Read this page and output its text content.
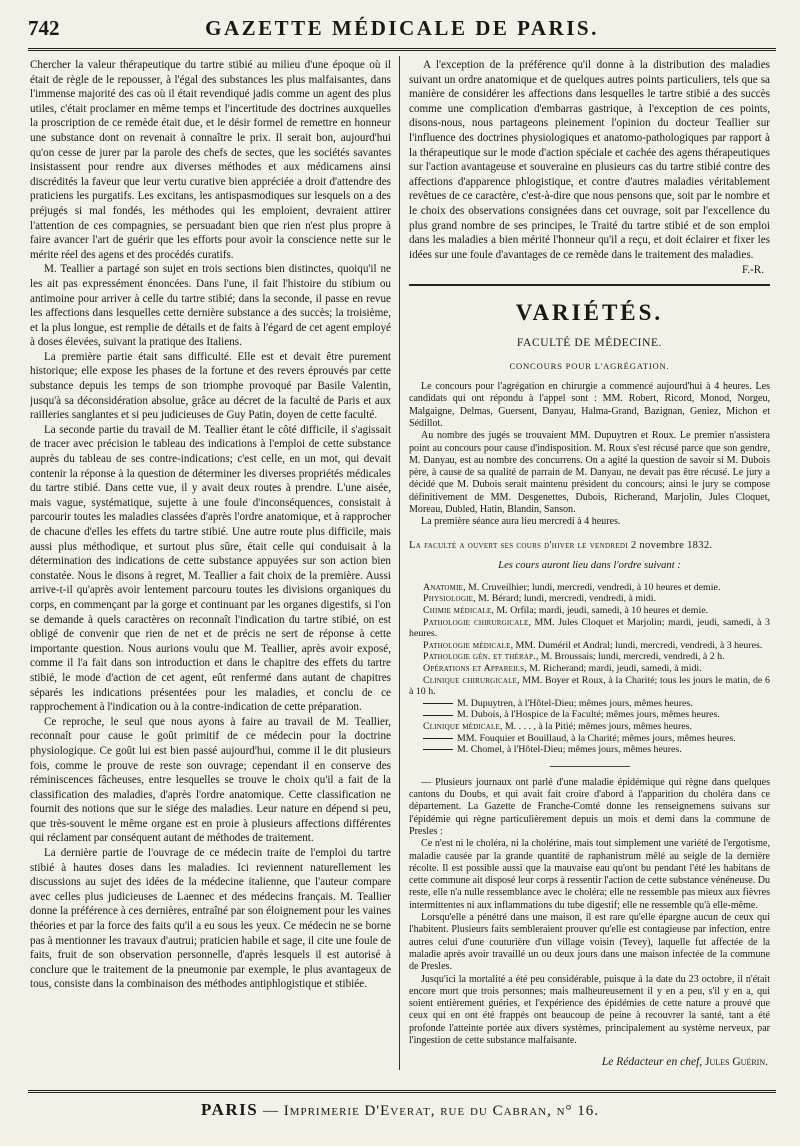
742	GAZETTE MÉDICALE DE PARIS.

Chercher la valeur thérapeutique du tartre stibié au milieu d'une époque où il était de règle de le repousser, à l'égal des substances les plus malfaisantes, dans l'immense majorité des cas où il était revendiqué jadis comme un agent des plus utiles, c'était proclamer en même temps et l'incertitude des doctrines auxquelles la proscription de ce remède était due, et le désir formel de remettre en honneur une substance dont on revenait à connaître le prix. Il serait bon, aujourd'hui qu'on cesse de jurer par la parole des chefs de sectes, que les sociétés savantes insistassent pour rendre aux diverses méthodes et aux médicamens ainsi discrédités la faveur que leur vertu curative bien appréciée a droit d'attendre des praticiens les purgatifs. Les excitans, les antispasmodiques sur lesquels on a des préjugés si mal fondés, les méthodes qui les emploient, devraient attirer l'attention de ces compagnies, se persuadant bien que rien n'est plus propre à faire avancer l'art de guérir que les efforts pour avoir la conscience nette sur le mérite réel des agens et des procédés curatifs.

M. Teallier a partagé son sujet en trois sections bien distinctes, quoiqu'il ne les ait pas expressément énoncées. Dans l'une, il fait l'histoire du stibium ou antimoine pour arriver à celle du tartre stibié; dans la seconde, il passe en revue les affections dans lesquelles cette dernière substance a des succès; la troisième, et la plus longue, est remplie de détails et de faits à l'égard de cet agent employé à doses élevées, suivant la pratique des Italiens.

La première partie était sans difficulté. Elle est et devait être purement historique; elle expose les phases de la fortune et des revers éprouvés par cette substance depuis les temps de son triomphe provoqué par Basile Valentin, jusqu'à sa déconsidération absolue, grâce au décret de la faculté de Paris et aux railleries sanglantes et si peu judicieuses de Guy Patin, doyen de cette faculté.

La seconde partie du travail de M. Teallier étant le côté difficile, il s'agissait de tracer avec précision le tableau des indications à l'emploi de cette substance auprès du tableau de ses contre-indications; c'est celle, en un mot, qui devait contenir la réponse à la question de déterminer les diverses propriétés médicales du tartre stibié. Dans cette vue, il y avait deux routes à prendre. L'une aisée, mais vague, systématique, sujette à une foule d'inconséquences, consistait à parcourir toutes les maladies classées d'après l'ordre anatomique, et à rapprocher de chacune d'elles les effets du tartre stibié. Une autre route plus difficile, mais aussi plus méthodique, et surtout plus sûre, était celle qui conduisait à la détermination des indications de cette substance appuyées sur son action bien constatée. Nous le disons à regret, M. Teallier a fait choix de la première. Aussi arrive-t-il qu'après avoir lentement parcouru toutes les divisions organiques du corps, en commençant par la gorge et continuant par les organes digestifs, si l'on se demande à quels caractères on reconnaît l'indication du tartre stibié, on est obligé de convenir que rien de net et de précis ne sert de réponse à cette importante question. Nous aurions voulu que M. Teallier, après avoir exposé, comme il l'a fait dans son introduction et dans le chapitre des effets du tartre stibié, le mode d'action de cet agent, eût renfermé dans autant de chapitres séparés les indications présentées pour les maladies, et conclu de ce rapprochement à l'indication ou à la contre-indication de cette préparation.

Ce reproche, le seul que nous ayons à faire au travail de M. Teallier, reconnaît pour cause le goût primitif de ce médecin pour la doctrine physiologique. Ce goût lui est bien passé aujourd'hui, comme il le dit plusieurs fois, comme le prouve de reste son ouvrage; cependant il en conserve des réminiscences fâcheuses, entre lesquelles se trouve le choix qu'il a fait de la classification des maladies, d'après l'ordre anatomique. Cette classification ne fournit des notions que sur le siége des maladies. Leur nature en dépend si peu, que très-souvent le même organe est en proie à plusieurs affections différentes qui réclament par conséquent autant de méthodes de traitement.

La dernière partie de l'ouvrage de ce médecin traite de l'emploi du tartre stibié à hautes doses dans les maladies. Ici reviennent naturellement les discussions au sujet des idées de la médecine italienne, que l'auteur compare avec celles plus judicieuses de Laennec et des médecins français. M. Teallier donne la préférence à ces dernières, entraîné par son éloignement pour les vaines théories et par la force des faits qu'il a eu sous les yeux. Ce médecin ne se borne pas à mentionner les travaux d'autrui; praticien habile et sage, il cite une foule de faits, fruit de son observation personnelle, d'après lesquels il est autorisé à conclure que le traitement de la pneumonie par exemple, le plus avantageux de tous, consiste dans la combinaison des méthodes antiphlogistique et stibiée.

A l'exception de la préférence qu'il donne à la distribution des maladies suivant un ordre anatomique et de quelques autres points particuliers, tels que sa manière de considérer les affections dans lesquelles le tartre stibié a des succès comme une complication d'embarras gastrique, à l'exception de ces points, disons-nous, nous partageons pleinement l'opinion du docteur Teallier sur l'influence des doctrines physiologiques et anatomo-pathologiques par rapport à la thérapeutique sur le mode d'action spéciale et cachée des agens thérapeutiques sur l'action avantageuse et souveraine en plusieurs cas du tartre stibié contre des affections d'apparence phlogistique, et contre d'autres maladies véritablement revêtues de ce caractère, c'est-à-dire que nous pensons que, soit par le nombre et le choix des observations consignées dans cet ouvrage, soit par l'excellence du plus grand nombre de ses principes, le Traité du tartre stibié et de son emploi dans les maladies a bien mérité l'honneur qu'il a reçu, et doit éclairer et fixer les idées sur une foule d'avantages de ce remède dans le traitement des maladies.

F.-R.
VARIÉTÉS.
FACULTÉ DE MÉDECINE.
CONCOURS POUR L'AGRÉGATION.

Le concours pour l'agrégation en chirurgie a commencé aujourd'hui à 4 heures. Les candidats qui ont répondu à l'appel sont : MM. Robert, Ricord, Monod, Norgeu, Malgaigne, Delmas, Guersent, Danyau, Halma-Grand, Bazignan, Geniez, Michon et Sédillot.

Au nombre des jugés se trouvaient MM. Dupuytren et Roux. Le premier n'assistera point au concours pour cause d'indisposition. M. Roux s'est récusé parce que son gendre, M. Danyau, est au nombre des concurrens. On a agité la question de savoir si M. Dubois père, à cause de sa qualité de parrain de M. Danyau, ne devait pas être récusé. Le jury a décidé que M. Dubois serait maintenu président du concours; ainsi le jury se compose définitivement de MM. Desgenettes, Dubois, Richerand, Marjolin, Jules Cloquet, Moreau, Dubled, Hatin, Blandin, Sanson.

La première séance aura lieu mercredi à 4 heures.

La faculté a ouvert ses cours d'hiver le vendredi 2 novembre 1832.
Les cours auront lieu dans l'ordre suivant :

Anatomie, M. Cruveilhier; lundi, mercredi, vendredi, à 10 heures et demie.

Physiologie, M. Bérard; lundi, mercredi, vendredi, à midi.

Chimie médicale, M. Orfila; mardi, jeudi, samedi, à 10 heures et demie.

Pathologie chirurgicale, MM. Jules Cloquet et Marjolin; mardi, jeudi, samedi, à 3 heures.

Pathologie médicale, MM. Duméril et Andral; lundi, mercredi, vendredi, à 3 heures.

Pathologie gén. et thérap., M. Broussais; lundi, mercredi, vendredi, à 2 h.

Opérations et Appareils, M. Richerand; mardi, jeudi, samedi, à midi.

Clinique chirurgicale, MM. Boyer et Roux, à la Charité; tous les jours le matin, de 6 à 10 h.

M. Dupuytren, à l'Hôtel-Dieu; mêmes jours, mêmes heures.

M. Dubois, à l'Hospice de la Faculté; mêmes jours, mêmes heures.

Clinique médicale, M. . . . , à la Pitié; mêmes jours, mêmes heures.

MM. Fouquier et Bouillaud, à la Charité; mêmes jours, mêmes heures.

M. Chomel, à l'Hôtel-Dieu; mêmes jours, mêmes heures.

— Plusieurs journaux ont parlé d'une maladie épidémique qui règne dans quelques cantons du Doubs, et qui avait fait croire d'abord à l'apparition du choléra dans ce département. La Gazette de Franche-Comté donne les renseignemens suivans sur l'épidémie qui règne particulièrement depuis un mois et demi dans la commune de Presles :

Ce n'est ni le choléra, ni la cholérine, mais tout simplement une variété de l'ergotisme, maladie causée par la grande quantité de raphanistrum mêlé au seigle de la dernière récolte. Il est possible aussi que la mauvaise eau qu'ont bu pendant l'été les habitans de cette commune ait disposé leur corps à ressentir l'action de cette substance vénéneuse. Du reste, elle n'a nulle ressemblance avec le choléra; elle ne ressemble pas mieux aux fièvres intermittentes ni aux inflammations du tube digestif; elle ne ressemble qu'à elle-même.

Lorsqu'elle a pénétré dans une maison, il est rare qu'elle épargne aucun de ceux qui l'habitent. Plusieurs faits sembleraient prouver qu'elle est contagieuse par infection, entre autres celui d'une couturière d'un village voisin (Tevey), laquelle fut affectée de la maladie après avoir travaillé un ou deux jours dans une maison infectée de la commune de Presles.

Jusqu'ici la mortalité a été peu considérable, puisque à la date du 23 octobre, il n'était encore mort que trois personnes; mais malheureusement il y en a peu, s'il y en a, qui soient entièrement guéries, et l'expérience des épidémies de cette nature a prouvé que ceux qui en ont été frappés ont beaucoup de peine à recouvrer la santé, tant a été profonde l'atteinte portée aux divers systèmes, principalement au système nerveux, par l'ingestion de cette substance malfaisante.

Le Rédacteur en chef, Jules Guérin.
PARIS — Imprimerie D'Everat, rue du Cabran, n° 16.
